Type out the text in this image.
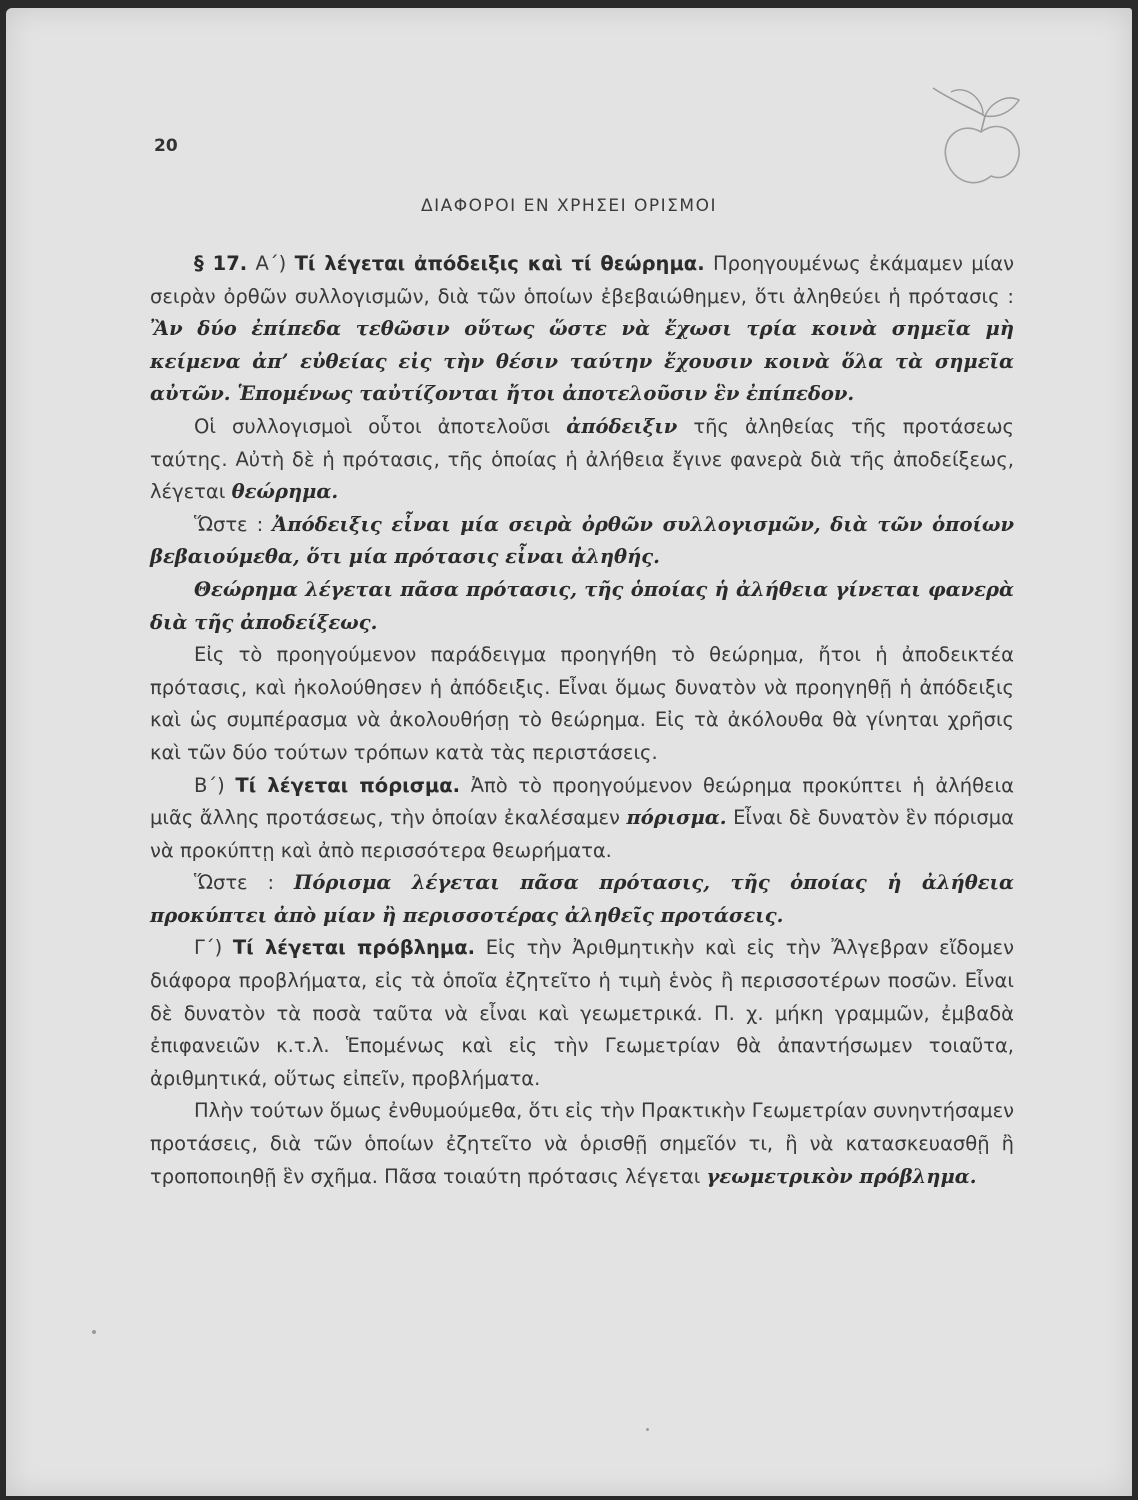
20
ΔΙΑΦΟΡΟΙ ΕΝ ΧΡΗΣΕΙ ΟΡΙΣΜΟΙ

§ 17. Α΄) Τί λέγεται ἀπόδειξις καὶ τί θεώρημα. Προηγουμένως ἐκάμαμεν μίαν σειρὰν ὀρθῶν συλλογισμῶν, διὰ τῶν ὁποίων ἐβεβαιώθημεν, ὅτι ἀληθεύει ἡ πρότασις : Ἂν δύο ἐπίπεδα τεθῶσιν οὕτως ὥστε νὰ ἔχωσι τρία κοινὰ σημεῖα μὴ κείμενα ἀπ’ εὐθείας εἰς τὴν θέσιν ταύτην ἔχουσιν κοινὰ ὅλα τὰ σημεῖα αὐτῶν. Ἑπομένως ταὐτίζονται ἤτοι ἀποτελοῦσιν ἓν ἐπίπεδον.

Οἱ συλλογισμοὶ οὗτοι ἀποτελοῦσι ἀπόδειξιν τῆς ἀληθείας τῆς προτάσεως ταύτης. Αὐτὴ δὲ ἡ πρότασις, τῆς ὁποίας ἡ ἀλήθεια ἔγινε φανερὰ διὰ τῆς ἀποδείξεως, λέγεται θεώρημα.

Ὥστε : Ἀπόδειξις εἶναι μία σειρὰ ὀρθῶν συλλογισμῶν, διὰ τῶν ὁποίων βεβαιούμεθα, ὅτι μία πρότασις εἶναι ἀληθής.

Θεώρημα λέγεται πᾶσα πρότασις, τῆς ὁποίας ἡ ἀλήθεια γίνεται φανερὰ διὰ τῆς ἀποδείξεως.

Εἰς τὸ προηγούμενον παράδειγμα προηγήθη τὸ θεώρημα, ἤτοι ἡ ἀποδεικτέα πρότασις, καὶ ἠκολούθησεν ἡ ἀπόδειξις. Εἶναι ὅμως δυνατὸν νὰ προηγηθῇ ἡ ἀπόδειξις καὶ ὡς συμπέρασμα νὰ ἀκολουθήσῃ τὸ θεώρημα. Εἰς τὰ ἀκόλουθα θὰ γίνηται χρῆσις καὶ τῶν δύο τούτων τρόπων κατὰ τὰς περιστάσεις.

Β΄) Τί λέγεται πόρισμα. Ἀπὸ τὸ προηγούμενον θεώρημα προκύπτει ἡ ἀλήθεια μιᾶς ἄλλης προτάσεως, τὴν ὁποίαν ἐκαλέσαμεν πόρισμα. Εἶναι δὲ δυνατὸν ἓν πόρισμα νὰ προκύπτῃ καὶ ἀπὸ περισσότερα θεωρήματα.

Ὥστε : Πόρισμα λέγεται πᾶσα πρότασις, τῆς ὁποίας ἡ ἀλήθεια προκύπτει ἀπὸ μίαν ἢ περισσοτέρας ἀληθεῖς προτάσεις.

Γ΄) Τί λέγεται πρόβλημα. Εἰς τὴν Ἀριθμητικὴν καὶ εἰς τὴν Ἄλγεβραν εἴδομεν διάφορα προβλήματα, εἰς τὰ ὁποῖα ἐζητεῖτο ἡ τιμὴ ἑνὸς ἢ περισσοτέρων ποσῶν. Εἶναι δὲ δυνατὸν τὰ ποσὰ ταῦτα νὰ εἶναι καὶ γεωμετρικά. Π. χ. μήκη γραμμῶν, ἐμβαδὰ ἐπιφανειῶν κ.τ.λ. Ἑπομένως καὶ εἰς τὴν Γεωμετρίαν θὰ ἀπαντήσωμεν τοιαῦτα, ἀριθμητικά, οὕτως εἰπεῖν, προβλήματα.

Πλὴν τούτων ὅμως ἐνθυμούμεθα, ὅτι εἰς τὴν Πρακτικὴν Γεωμετρίαν συνηντήσαμεν προτάσεις, διὰ τῶν ὁποίων ἐζητεῖτο νὰ ὁρισθῇ σημεῖόν τι, ἢ νὰ κατασκευασθῇ ἢ τροποποιηθῇ ἓν σχῆμα. Πᾶσα τοιαύτη πρότασις λέγεται γεωμετρικὸν πρόβλημα.
